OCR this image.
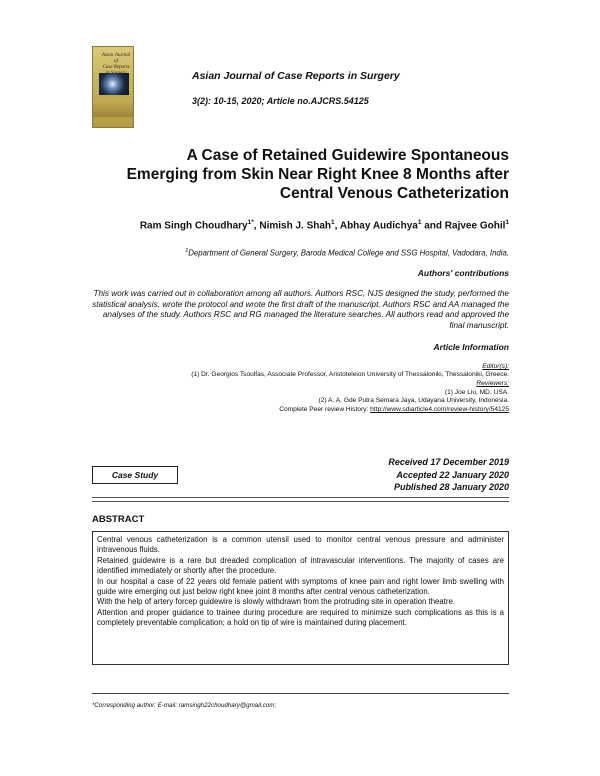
Asian Journal of
Case Reports
Asian Journal of Case Reports in Surgery
3(2): 10-15, 2020; Article no.AJCRS.54125
A Case of Retained Guidewire Spontaneous
Emerging from Skin Near Right Knee 8 Months after
Central Venous Catheterization
Ram Singh Choudhary$^{1*}$, Nimish J. Shah$^1$, Abhay Audichya$^1$ and Rajvee Gohil$^1$
$^1$Department of General Surgery, Baroda Medical College and SSG Hospital, Vadodara, India.
Authors' contributions
This work was carried out in collaboration among all authors. Authors RSC, NJS designed the study, performed the statistical analysis, wrote the protocol and wrote the first draft of the manuscript. Authors RSC and AA managed the analyses of the study. Authors RSC and RG managed the literature searches. All authors read and approved the final manuscript.
Article Information
Editor(s):
(1) Dr. Georgios Tsoulfas, Associate Professor, Aristoteleion University of Thessaloniki, Thessaloniki, Greece.
Reviewers:
(1) Joe Liu, MD, USA.
(2) A. A. Gde Putra Semara Jaya, Udayana University, Indonesia.
Complete Peer review History: http://www.sdiarticle4.com/review-history/54125
Received 17 December 2019
Accepted 22 January 2020
Published 28 January 2020
Case Study
ABSTRACT

Central venous catheterization is a common utensil used to monitor central venous pressure and administer intravenous fluids.

Retained guidewire is a rare but dreaded complication of intravascular interventions. The majority of cases are identified immediately or shortly after the procedure.

In our hospital a case of 22 years old female patient with symptoms of knee pain and right lower limb swelling with guide wire emerging out just below right knee joint 8 months after central venous catheterization.

With the help of artery forcep guidewire is slowly withdrawn from the protruding site in operation theatre.

Attention and proper guidance to trainee during procedure are required to minimize such complications as this is a completely preventable complication; a hold on tip of wire is maintained during placement.

*Corresponding author: E-mail: ramsingh22choudhary@gmail.com;
